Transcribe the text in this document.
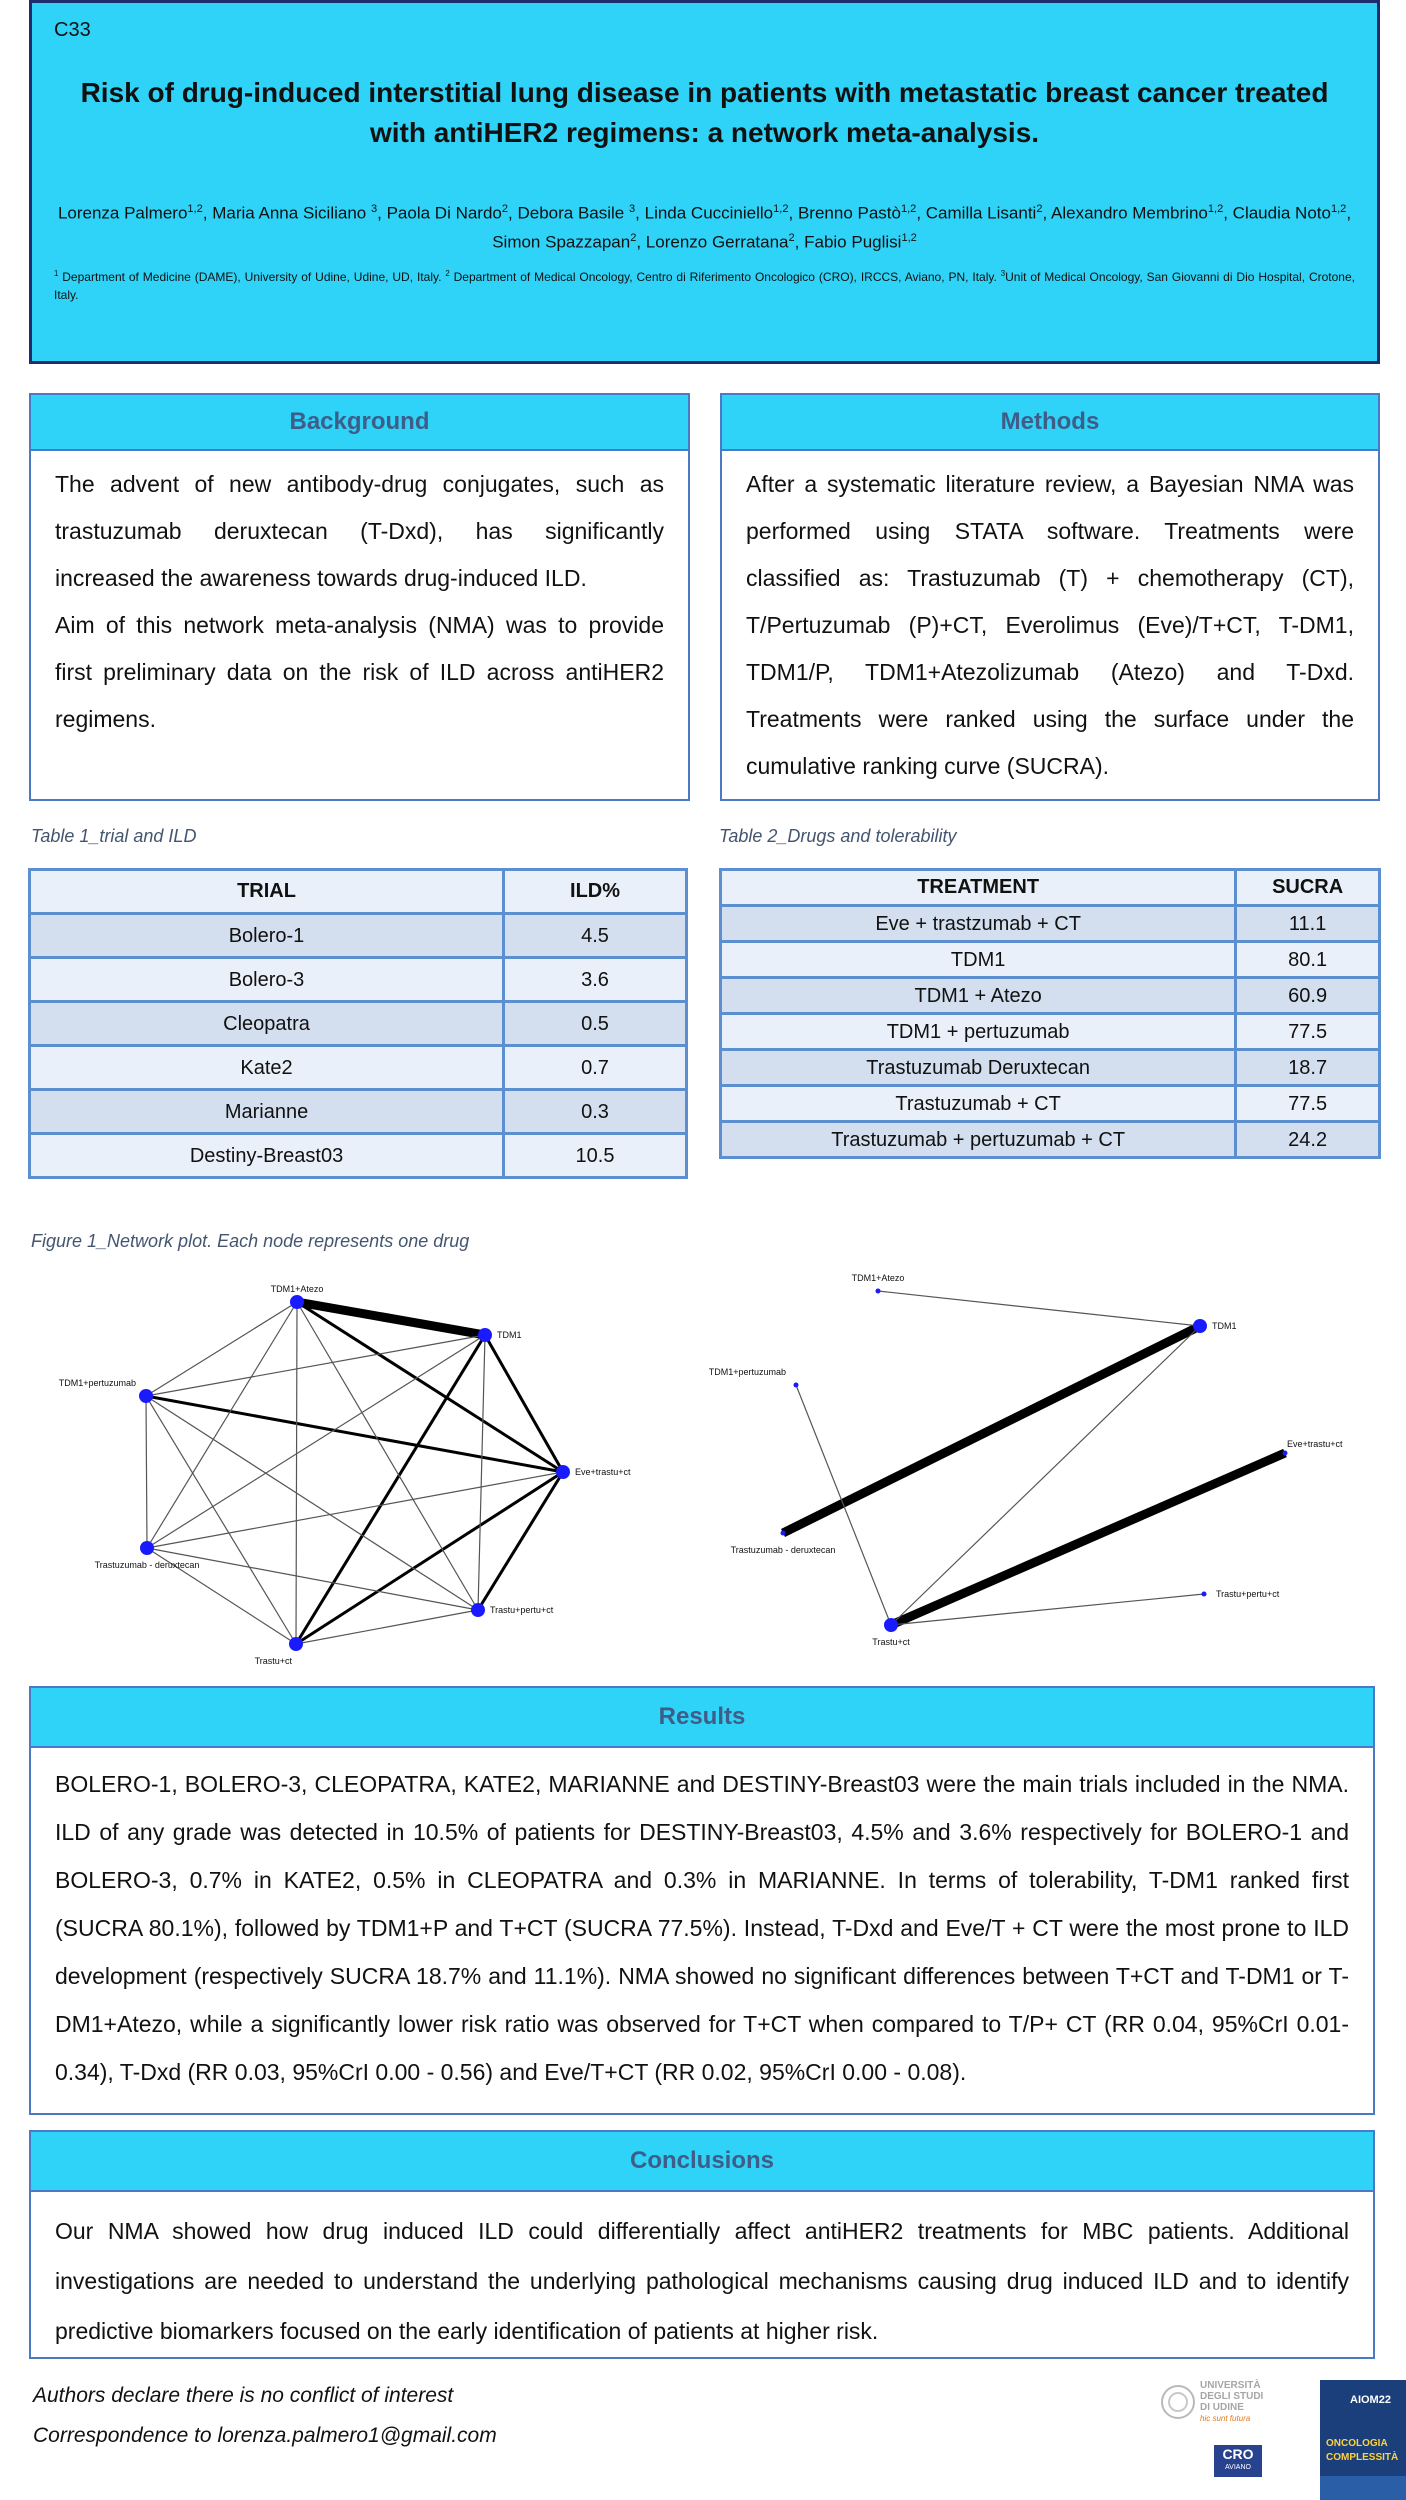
C33
Risk of drug-induced interstitial lung disease in patients with metastatic breast cancer treated with antiHER2 regimens: a network meta-analysis.
Lorenza Palmero$^{1,2}$, Maria Anna Siciliano $^3$, Paola Di Nardo$^2$, Debora Basile $^3$, Linda Cucciniello$^{1,2}$, Brenno Pastò$^{1,2}$, Camilla Lisanti$^2$, Alexandro Membrino$^{1,2}$, Claudia Noto$^{1,2}$, Simon Spazzapan$^2$, Lorenzo Gerratana$^2$, Fabio Puglisi$^{1,2}$
$^1$ Department of Medicine (DAME), University of Udine, Udine, UD, Italy. $^2$ Department of Medical Oncology, Centro di Riferimento Oncologico (CRO), IRCCS, Aviano, PN, Italy. $^3$Unit of Medical Oncology, San Giovanni di Dio Hospital, Crotone, Italy.
Background

The advent of new antibody-drug conjugates, such as trastuzumab deruxtecan (T-Dxd), has significantly increased the awareness towards drug-induced ILD.

Aim of this network meta-analysis (NMA) was to provide first preliminary data on the risk of ILD across antiHER2 regimens.

Methods

After a systematic literature review, a Bayesian NMA was performed using STATA software. Treatments were classified as: Trastuzumab (T) + chemotherapy (CT), T/Pertuzumab (P)+CT, Everolimus (Eve)/T+CT, T-DM1, TDM1/P, TDM1+Atezolizumab (Atezo) and T-Dxd. Treatments were ranked using the surface under the cumulative ranking curve (SUCRA).

Table 1_trial and ILD
TRIAL	ILD%
Bolero-1	4.5
Bolero-3	3.6
Cleopatra	0.5
Kate2	0.7
Marianne	0.3
Destiny-Breast03	10.5
Table 2_Drugs and tolerability
TREATMENT	SUCRA
Eve + trastzumab + CT	11.1
TDM1	80.1
TDM1 + Atezo	60.9
TDM1 + pertuzumab	77.5
Trastuzumab Deruxtecan	18.7
Trastuzumab + CT	77.5
Trastuzumab + pertuzumab + CT	24.2
Figure 1_Network plot. Each node represents one drug
TDM1+Atezo
TDM1
Eve+trastu+ct
Trastu+pertu+ct
Trastu+ct
Trastuzumab - deruxtecan
TDM1+pertuzumab
TDM1+Atezo
TDM1
Eve+trastu+ct
Trastu+pertu+ct
Trastu+ct
Trastuzumab - deruxtecan
TDM1+pertuzumab
Results

BOLERO-1, BOLERO-3, CLEOPATRA, KATE2, MARIANNE and DESTINY-Breast03 were the main trials included in the NMA. ILD of any grade was detected in 10.5% of patients for DESTINY-Breast03, 4.5% and 3.6% respectively for BOLERO-1 and BOLERO-3, 0.7% in KATE2, 0.5% in CLEOPATRA and 0.3% in MARIANNE. In terms of tolerability, T-DM1 ranked first (SUCRA 80.1%), followed by TDM1+P and T+CT (SUCRA 77.5%). Instead, T-Dxd and Eve/T + CT were the most prone to ILD development (respectively SUCRA 18.7% and 11.1%). NMA showed no significant differences between T+CT and T-DM1 or T-DM1+Atezo, while a significantly lower risk ratio was observed for T+CT when compared to T/P+ CT (RR 0.04, 95%CrI 0.01-0.34), T-Dxd (RR 0.03, 95%CrI 0.00 - 0.56) and Eve/T+CT (RR 0.02, 95%CrI 0.00 - 0.08).

Conclusions

Our NMA showed how drug induced ILD could differentially affect antiHER2 treatments for MBC patients. Additional investigations are needed to understand the underlying pathological mechanisms causing drug induced ILD and to identify predictive biomarkers focused on the early identification of patients at higher risk.

Authors declare there is no conflict of interest
Correspondence to lorenza.palmero1@gmail.com
UNIVERSITÀ
DEGLI STUDI
DI UDINE
hic sunt futura
CRO
AVIANO
AIOM22
ONCOLOGIA
COMPLESSITÀ
